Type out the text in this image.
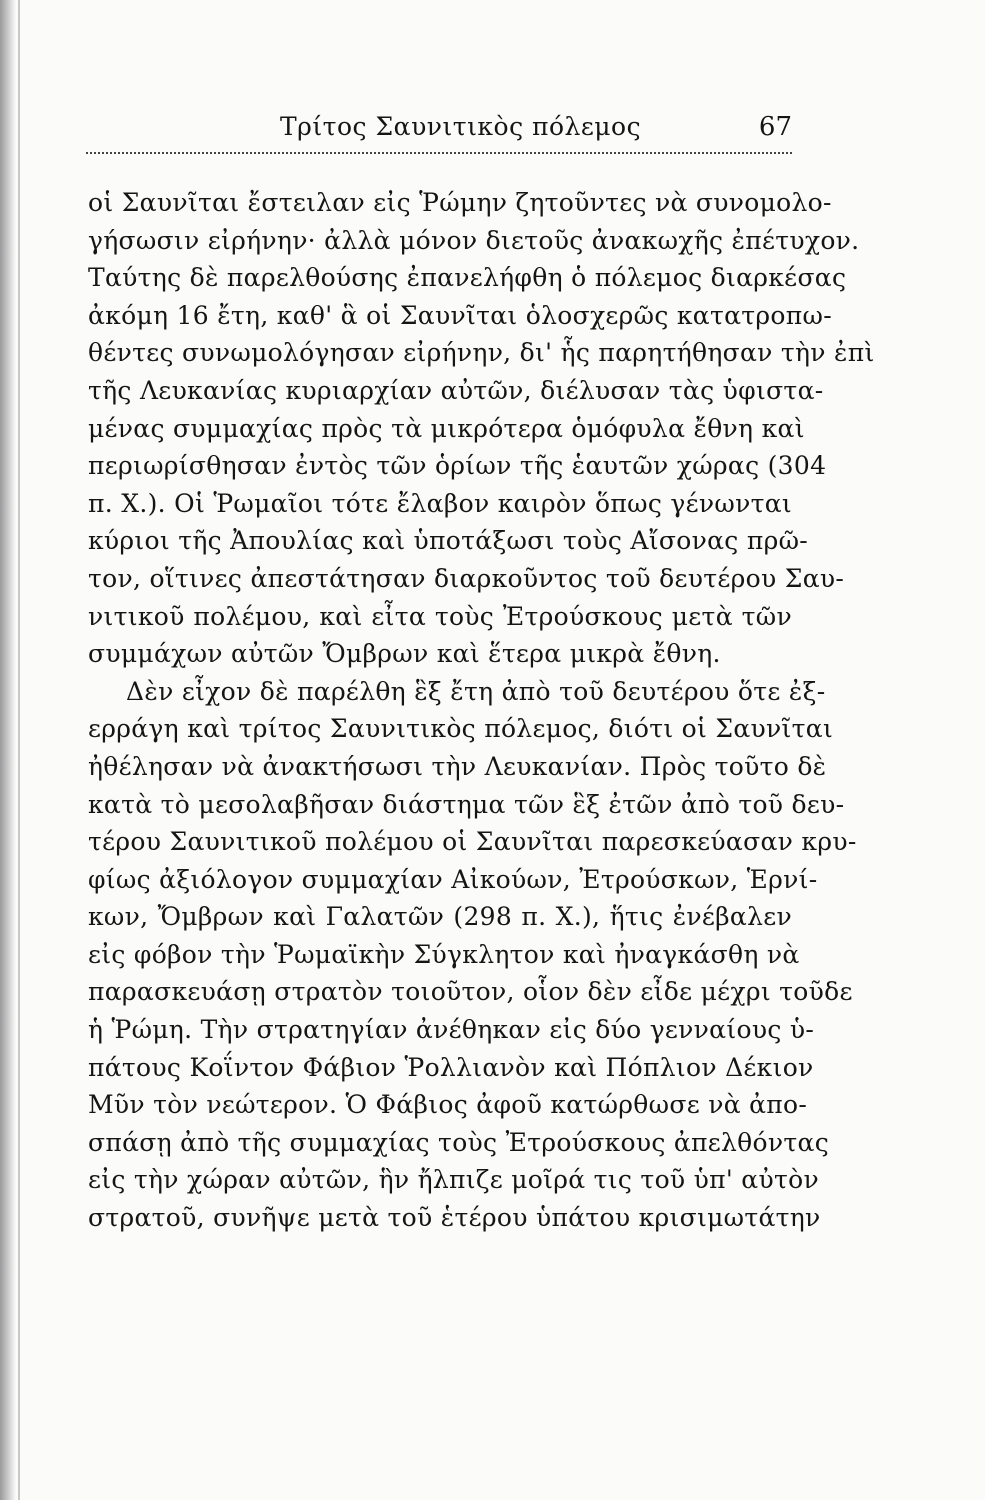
Τρίτος Σαυνιτικὸς πόλεμος	67
οἱ Σαυνῖται ἔστειλαν εἰς Ῥώμην ζητοῦντες νὰ συνομολο-
γήσωσιν εἰρήνην· ἀλλὰ μόνον διετοῦς ἀνακωχῆς ἐπέτυχον.
Ταύτης δὲ παρελθούσης ἐπανελήφθη ὁ πόλεμος διαρκέσας
ἀκόμη 16 ἔτη, καθ' ἃ οἱ Σαυνῖται ὁλοσχερῶς κατατροπω-
θέντες συνωμολόγησαν εἰρήνην, δι' ἧς παρητήθησαν τὴν ἐπὶ
τῆς Λευκανίας κυριαρχίαν αὐτῶν, διέλυσαν τὰς ὑφιστα-
μένας συμμαχίας πρὸς τὰ μικρότερα ὁμόφυλα ἔθνη καὶ
περιωρίσθησαν ἐντὸς τῶν ὁρίων τῆς ἑαυτῶν χώρας (304
π. Χ.). Οἱ Ῥωμαῖοι τότε ἔλαβον καιρὸν ὅπως γένωνται
κύριοι τῆς Ἀπουλίας καὶ ὑποτάξωσι τοὺς Αἴσονας πρῶ-
τον, οἵτινες ἀπεστάτησαν διαρκοῦντος τοῦ δευτέρου Σαυ-
νιτικοῦ πολέμου, καὶ εἶτα τοὺς Ἐτρούσκους μετὰ τῶν
συμμάχων αὐτῶν Ὄμβρων καὶ ἕτερα μικρὰ ἔθνη.
Δὲν εἶχον δὲ παρέλθη ἓξ ἔτη ἀπὸ τοῦ δευτέρου ὅτε ἐξ-
ερράγη καὶ τρίτος Σαυνιτικὸς πόλεμος, διότι οἱ Σαυνῖται
ἠθέλησαν νὰ ἀνακτήσωσι τὴν Λευκανίαν. Πρὸς τοῦτο δὲ
κατὰ τὸ μεσολαβῆσαν διάστημα τῶν ἓξ ἐτῶν ἀπὸ τοῦ δευ-
τέρου Σαυνιτικοῦ πολέμου οἱ Σαυνῖται παρεσκεύασαν κρυ-
φίως ἀξιόλογον συμμαχίαν Αἰκούων, Ἐτρούσκων, Ἑρνί-
κων, Ὄμβρων καὶ Γαλατῶν (298 π. Χ.), ἥτις ἐνέβαλεν
εἰς φόβον τὴν Ῥωμαϊκὴν Σύγκλητον καὶ ἠναγκάσθη νὰ
παρασκευάσῃ στρατὸν τοιοῦτον, οἷον δὲν εἶδε μέχρι τοῦδε
ἡ Ῥώμη. Τὴν στρατηγίαν ἀνέθηκαν εἰς δύο γενναίους ὑ-
πάτους Κοΐντον Φάβιον Ῥολλιανὸν καὶ Πόπλιον Δέκιον
Μῦν τὸν νεώτερον. Ὁ Φάβιος ἀφοῦ κατώρθωσε νὰ ἀπο-
σπάσῃ ἀπὸ τῆς συμμαχίας τοὺς Ἐτρούσκους ἀπελθόντας
εἰς τὴν χώραν αὐτῶν, ἣν ἤλπιζε μοῖρά τις τοῦ ὑπ' αὐτὸν
στρατοῦ, συνῆψε μετὰ τοῦ ἑτέρου ὑπάτου κρισιμωτάτην
